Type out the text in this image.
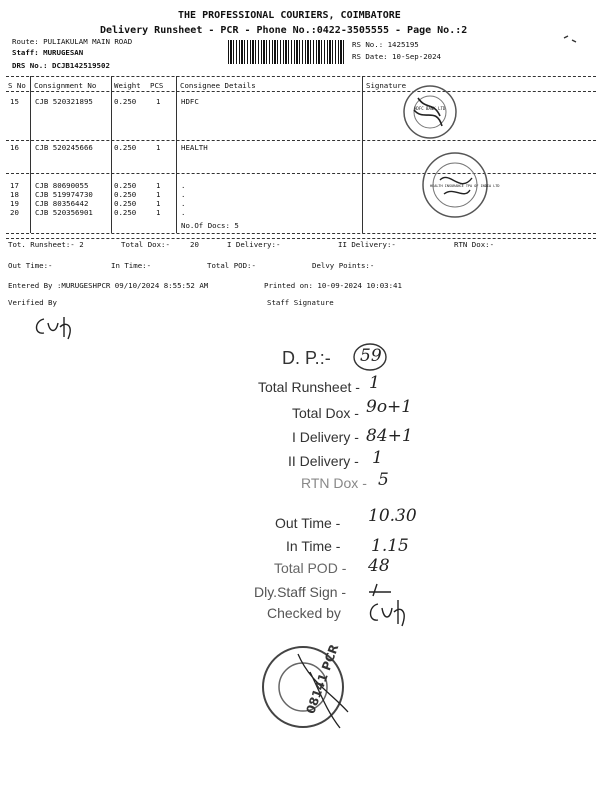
THE PROFESSIONAL COURIERS, COIMBATORE
Delivery Runsheet - PCR - Phone No.:0422-3505555 - Page No.:2
Route: PULIAKULAM MAIN ROAD
Staff: MURUGESAN
DRS No.: DCJB142519502
RS No.: 1425195
RS Date: 10-Sep-2024
S No Consignment No Weight PCS Consignee Details	Signature
15 CJB 520321895	0.250	1	HDFC
16 CJB 520245666	0.250	1	HEALTH
17 CJB 80690055	0.250	1	.
18 CJB 519974730	0.250	1	.
19 CJB 80356442	0.250	1	.
20 CJB 520356901	0.250	1	.
No.Of Docs: 5
Tot. Runsheet:- 2	Total Dox:-	20	I Delivery:-	II Delivery:-	RTN Dox:-
Out Time:-	In Time:-	Total POD:-	Delvy Points:-
Entered By :MURUGESHPCR 09/10/2024 8:55:52 AM	Printed on: 10-09-2024 10:03:41
Verified By	Staff Signature
HDFC BANK LTD
HEALTH INSURANCE TPA OF INDIA LTD
D. P.:- 59
Total Runsheet - 1
Total Dox - 9o+1
I Delivery - 84+1
II Delivery - 1
RTN Dox - 5
Out Time - 10.30
In Time - 1.15
Total POD - 48
Dly.Staff Sign -
Checked by
08141 PCR
